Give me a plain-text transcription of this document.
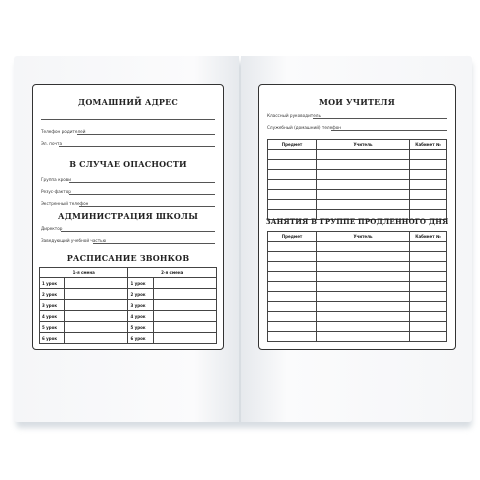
ДОМАШНИЙ АДРЕС
Телефон родителей
Эл. почта
В СЛУЧАЕ ОПАСНОСТИ
Группа крови
Резус-фактор
Экстренный телефон
АДМИНИСТРАЦИЯ ШКОЛЫ
Директор
Заведующий учебной частью
РАСПИСАНИЕ ЗВОНКОВ
1-я смена		2-я смена	
1 урок		1 урок	
2 урок		2 урок	
3 урок		3 урок	
4 урок		4 урок	
5 урок		5 урок	
6 урок		6 урок	
МОИ УЧИТЕЛЯ
Классный руководитель
Служебный (домашний) телефон
Предмет	Учитель	Кабинет №

ЗАНЯТИЯ В ГРУППЕ ПРОДЛЕННОГО ДНЯ
Предмет	Учитель	Кабинет №
